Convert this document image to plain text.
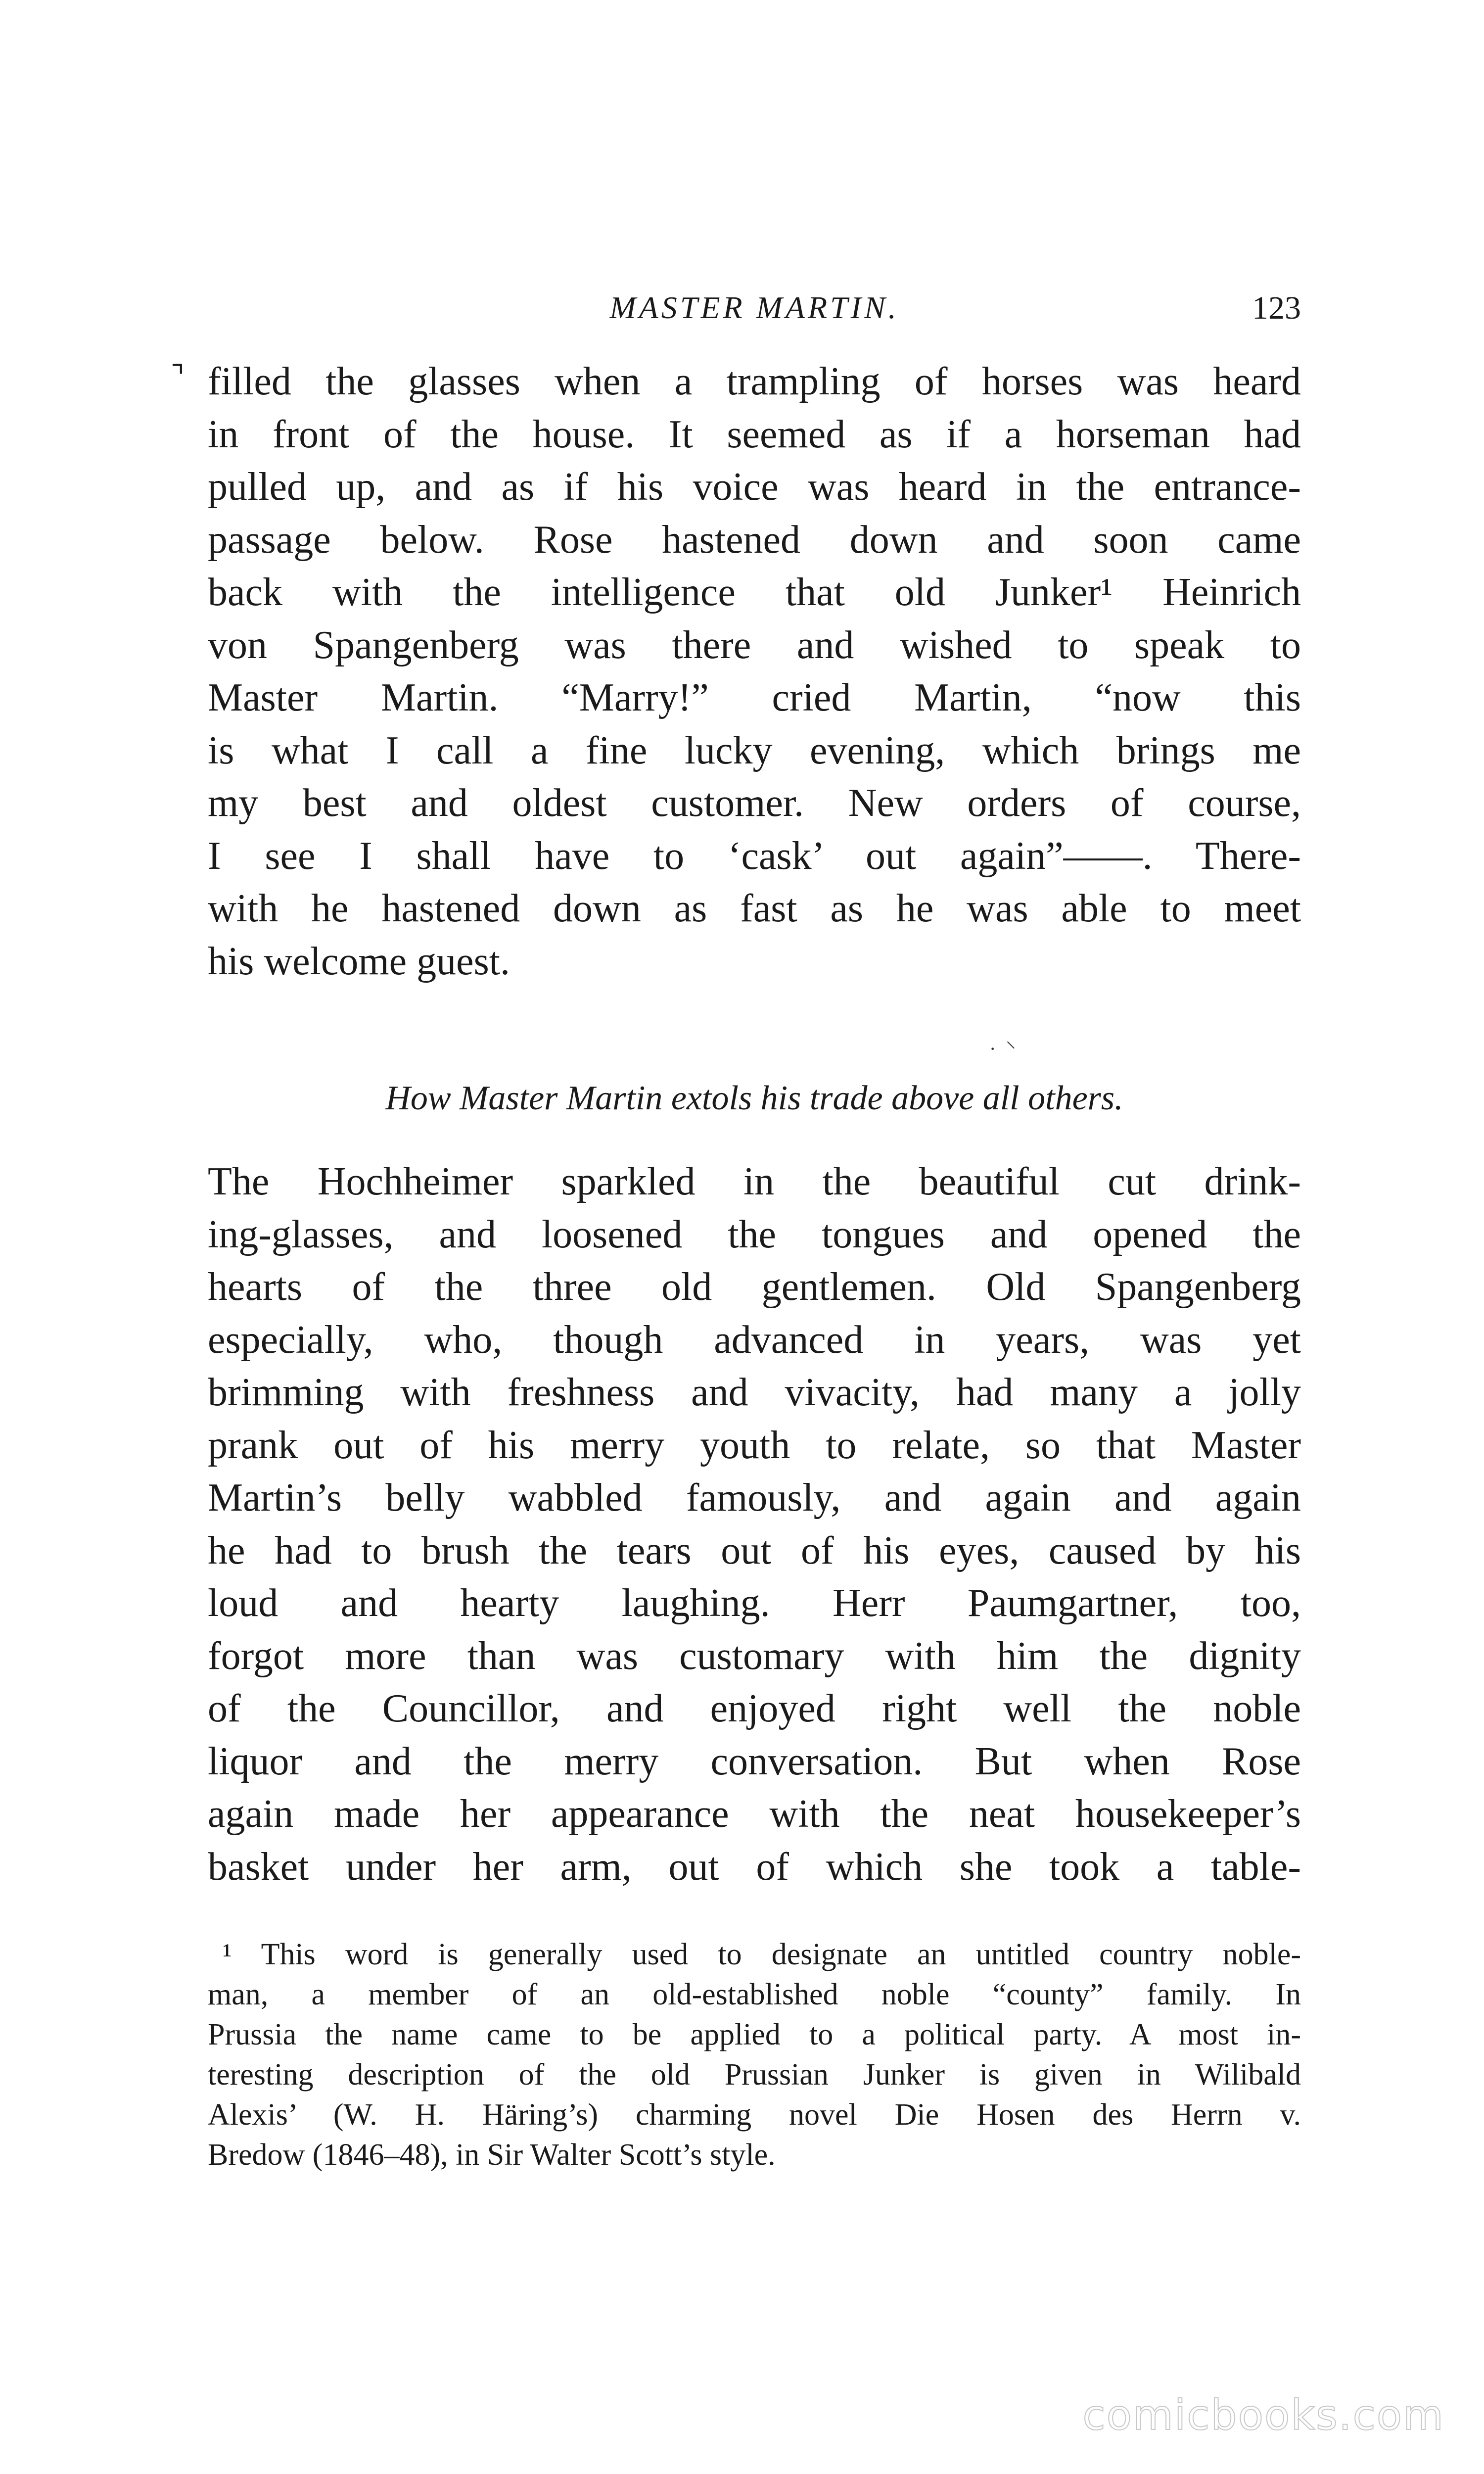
MASTER MARTIN.	123
⌝ filled the glasses when a trampling of horses was heard
in front of the house. It seemed as if a horseman had
pulled up, and as if his voice was heard in the entrance-
passage below. Rose hastened down and soon came
back with the intelligence that old Junker¹ Heinrich
von Spangenberg was there and wished to speak to
Master Martin. “Marry!” cried Martin, “now this
is what I call a fine lucky evening, which brings me
my best and oldest customer. New orders of course,
I see I shall have to ‘cask’ out again”——. There-
with he hastened down as fast as he was able to meet
his welcome guest.
·  ⸌
How Master Martin extols his trade above all others.
The Hochheimer sparkled in the beautiful cut drink-
ing-glasses, and loosened the tongues and opened the
hearts of the three old gentlemen. Old Spangenberg
especially, who, though advanced in years, was yet
brimming with freshness and vivacity, had many a jolly
prank out of his merry youth to relate, so that Master
Martin’s belly wabbled famously, and again and again
he had to brush the tears out of his eyes, caused by his
loud and hearty laughing. Herr Paumgartner, too,
forgot more than was customary with him the dignity
of the Councillor, and enjoyed right well the noble
liquor and the merry conversation. But when Rose
again made her appearance with the neat housekeeper’s
basket under her arm, out of which she took a table-
¹ This word is generally used to designate an untitled country noble-
man, a member of an old-established noble “county” family. In
Prussia the name came to be applied to a political party. A most in-
teresting description of the old Prussian Junker is given in Wilibald
Alexis’ (W. H. Häring’s) charming novel Die Hosen des Herrn v.
Bredow (1846–48), in Sir Walter Scott’s style.
comicbooks.com
